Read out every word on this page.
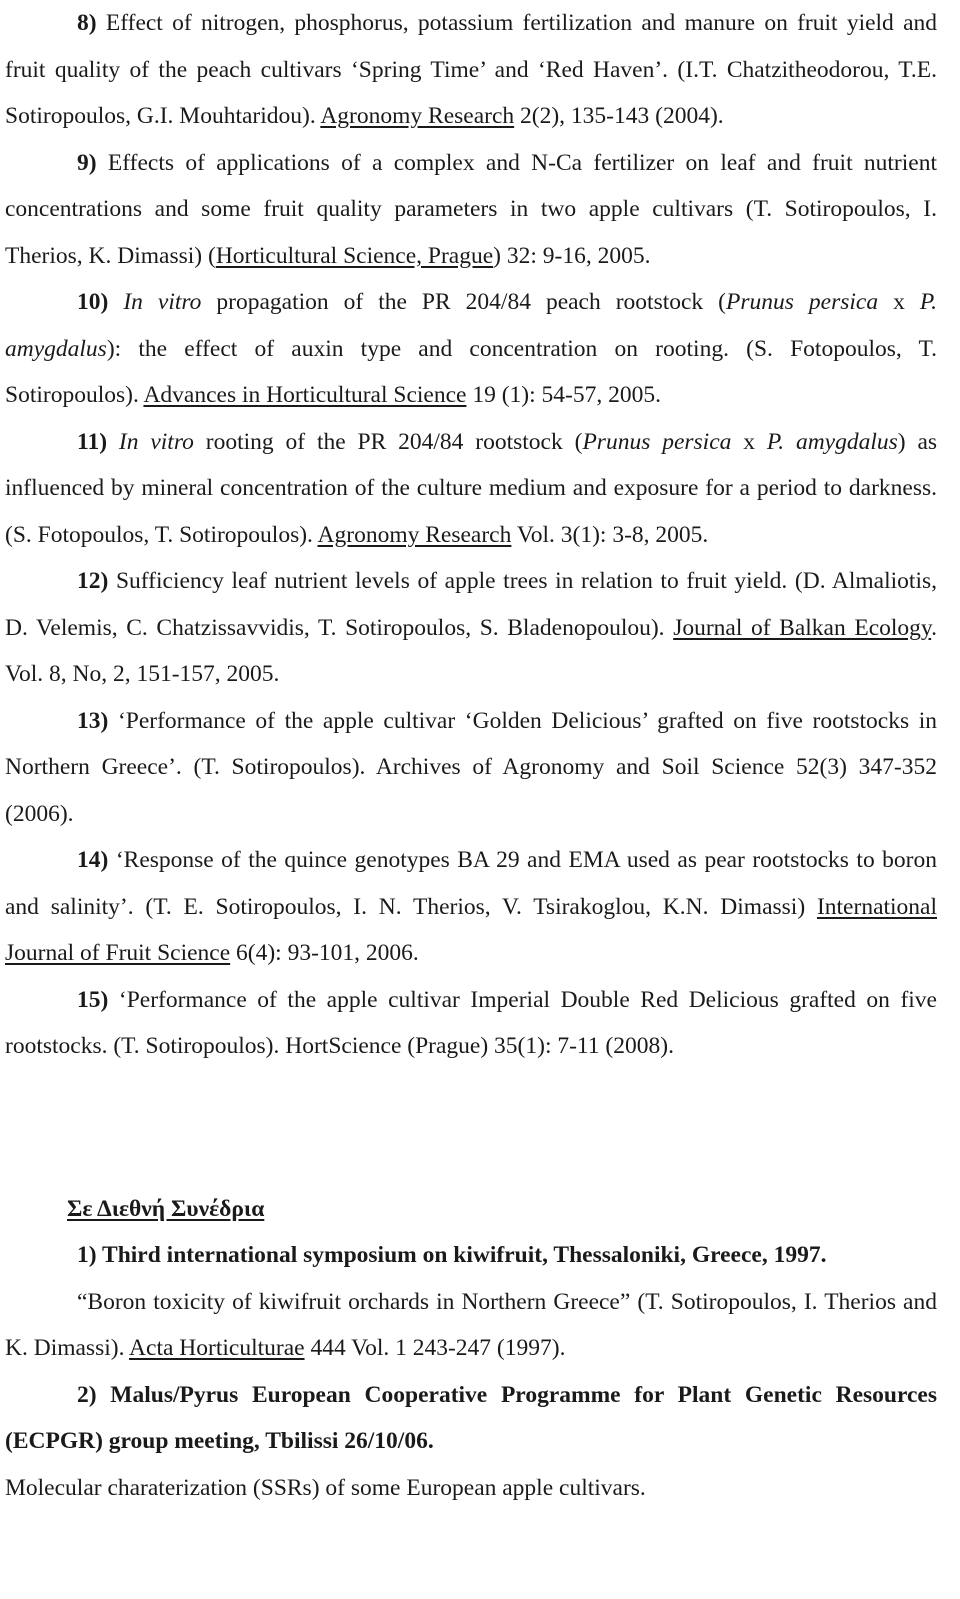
8) Effect of nitrogen, phosphorus, potassium fertilization and manure on fruit yield and fruit quality of the peach cultivars ‘Spring Time’ and ‘Red Haven’. (I.T. Chatzitheodorou, T.E. Sotiropoulos, G.I. Mouhtaridou). Agronomy Research 2(2), 135-143 (2004).

9) Effects of applications of a complex and N-Ca fertilizer on leaf and fruit nutrient concentrations and some fruit quality parameters in two apple cultivars (T. Sotiropoulos, I. Therios, K. Dimassi) (Horticultural Science, Prague) 32: 9-16, 2005.

10) In vitro propagation of the PR 204/84 peach rootstock (Prunus persica x P. amygdalus): the effect of auxin type and concentration on rooting. (S. Fotopoulos, T. Sotiropoulos). Advances in Horticultural Science 19 (1): 54-57, 2005.

11) In vitro rooting of the PR 204/84 rootstock (Prunus persica x P. amygdalus) as influenced by mineral concentration of the culture medium and exposure for a period to darkness. (S. Fotopoulos, T. Sotiropoulos). Agronomy Research Vol. 3(1): 3-8, 2005.

12) Sufficiency leaf nutrient levels of apple trees in relation to fruit yield. (D. Almaliotis, D. Velemis, C. Chatzissavvidis, T. Sotiropoulos, S. Bladenopoulou). Journal of Balkan Ecology. Vol. 8, No, 2, 151-157, 2005.

13) ‘Performance of the apple cultivar ‘Golden Delicious’ grafted on five rootstocks in Northern Greece’. (T. Sotiropoulos). Archives of Agronomy and Soil Science 52(3) 347-352 (2006).

14) ‘Response of the quince genotypes BA 29 and EMA used as pear rootstocks to boron and salinity’. (T. E. Sotiropoulos, I. N. Therios, V. Tsirakoglou, K.N. Dimassi) International Journal of Fruit Science 6(4): 93-101, 2006.

15) ‘Performance of the apple cultivar Imperial Double Red Delicious grafted on five rootstocks. (T. Sotiropoulos). HortScience (Prague) 35(1): 7-11 (2008).

Σε Διεθνή Συνέδρια

1) Third international symposium on kiwifruit, Thessaloniki, Greece, 1997.

“Boron toxicity of kiwifruit orchards in Northern Greece” (T. Sotiropoulos, I. Therios and K. Dimassi). Acta Horticulturae 444 Vol. 1 243-247 (1997).

2) Malus/Pyrus European Cooperative Programme for Plant Genetic Resources (ECPGR) group meeting, Tbilissi 26/10/06.

Molecular charaterization (SSRs) of some European apple cultivars.
